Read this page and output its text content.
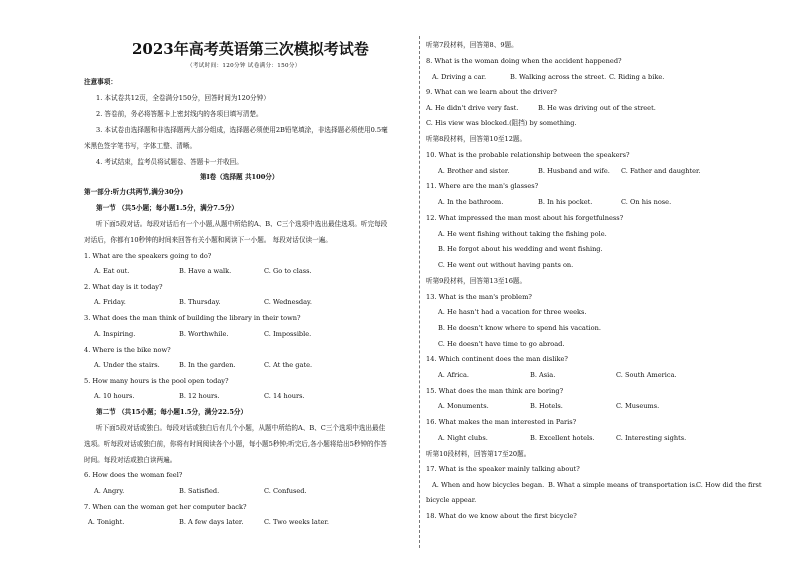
2023年高考英语第三次模拟考试卷
（考试时间：120分钟 试卷满分：150分）
注意事项：
1. 本试卷共12页，全卷满分150分，回答时间为120分钟）
2. 答卷前，务必将答题卡上密封线内的各项目填写清楚。
3. 本试卷由选择题和非选择题两大部分组成，选择题必须使用2B铅笔填涂，非选择题必须使用0.5毫
米黑色签字笔书写，字体工整、清晰。
4. 考试结束，监考员将试题卷、答题卡一并收回。
第Ⅰ卷（选择题 共100分）
第一部分:听力(共两节,满分30分)
第一节 （共5小题；每小题1.5分，满分7.5分）
听下面5段对话。每段对话后有一个小题,从题中所给的A、B、C三个选项中选出最佳选项。听完每段
对话后，你都有10秒钟的时间来回答有关小题和阅读下一小题。 每段对话仅读一遍。
1. What are the speakers going to do?
A. Eat out.	B. Have a walk.	C. Go to class.
2. What day is it today?
A. Friday.	B. Thursday.	C. Wednesday.
3. What does the man think of building the library in their town?
A. Inspiring.	B. Worthwhile.	C. Impossible.
4. Where is the bike now?
A. Under the stairs.	B. In the garden.	C. At the gate.
5. How many hours is the pool open today?
A. 10 hours.	B. 12 hours.	C. 14 hours.
第二节 （共15小题；每小题1.5分，满分22.5分）
听下面5段对话或独白。每段对话或独白后有几个小题，从题中所给的A、B、C三个选项中选出最佳
选项。听每段对话或独白前，你将有时间阅读各个小题，每小题5秒钟;听完后,各小题将给出5秒钟的作答
时间。每段对话或独白读两遍。
6. How does the woman feel?
A. Angry.	B. Satisfied.	C. Confused.
7. When can the woman get her computer back?
A. Tonight.	B. A few days later.	C. Two weeks later.
听第7段材料，回答第8、9题。
8. What is the woman doing when the accident happened?
A. Driving a car.	B. Walking across the street. C. Riding a bike.
9. What can we learn about the driver?
A. He didn't drive very fast.	B. He was driving out of the street.
C. His view was blocked.(阻挡) by something.
听第8段材料，回答第10至12题。
10. What is the probable relationship between the speakers?
A. Brother and sister.	B. Husband and wife. C. Father and daughter.
11. Where are the man's glasses?
A. In the bathroom.	B. In his pocket.	C. On his nose.
12. What impressed the man most about his forgetfulness?
A. He went fishing without taking the fishing pole.
B. He forgot about his wedding and went fishing.
C. He went out without having pants on.
听第9段材料，回答第13至16题。
13. What is the man's problem?
A. He hasn't had a vacation for three weeks.
B. He doesn't know where to spend his vacation.
C. He doesn't have time to go abroad.
14. Which continent does the man dislike?
A. Africa.	B. Asia.	C. South America.
15. What does the man think are boring?
A. Monuments.	B. Hotels.	C. Museums.
16. What makes the man interested in Paris?
A. Night clubs.	B. Excellent hotels.	C. Interesting sights.
听第10段材料，回答第17至20题。
17. What is the speaker mainly talking about?
A. When and how bicycles began. B. What a simple means of transportation is.
C. How did the first
bicycle appear.
18. What do we know about the first bicycle?
